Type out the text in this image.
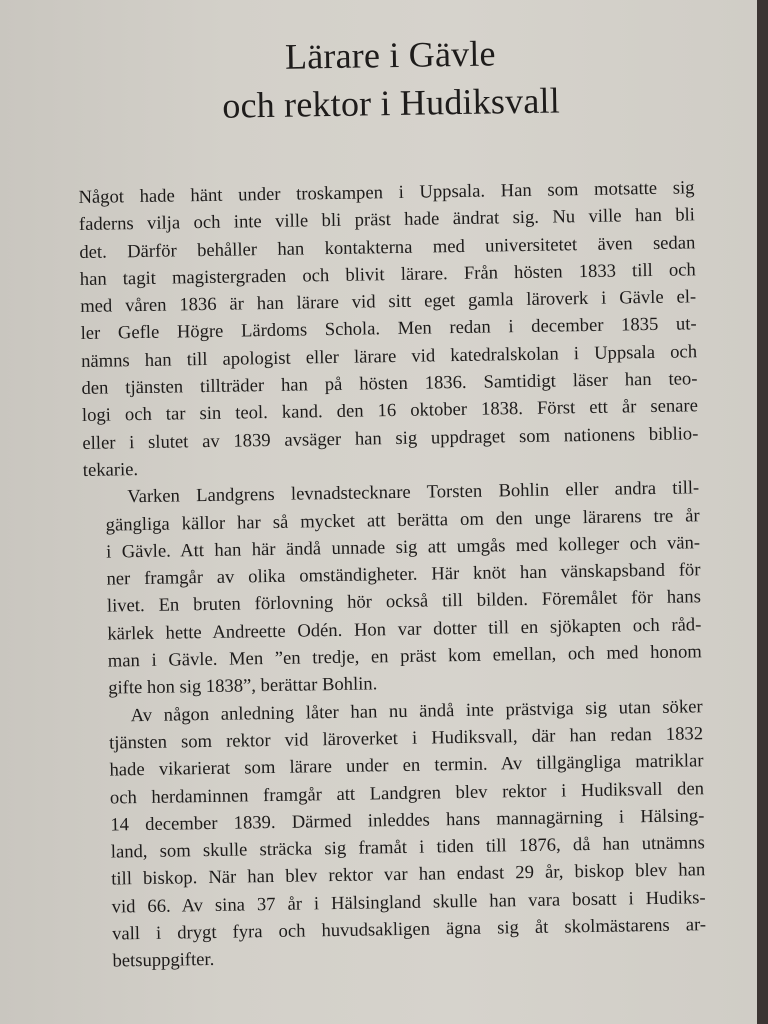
Lärare i Gävle
och rektor i Hudiksvall

Något hade hänt under troskampen i Uppsala. Han som motsatte sig
faderns vilja och inte ville bli präst hade ändrat sig. Nu ville han bli
det. Därför behåller han kontakterna med universitetet även sedan
han tagit magistergraden och blivit lärare. Från hösten 1833 till och
med våren 1836 är han lärare vid sitt eget gamla läroverk i Gävle el-
ler Gefle Högre Lärdoms Schola. Men redan i december 1835 ut-
nämns han till apologist eller lärare vid katedralskolan i Uppsala och
den tjänsten tillträder han på hösten 1836. Samtidigt läser han teo-
logi och tar sin teol. kand. den 16 oktober 1838. Först ett år senare
eller i slutet av 1839 avsäger han sig uppdraget som nationens biblio-
tekarie.

Varken Landgrens levnadstecknare Torsten Bohlin eller andra till-
gängliga källor har så mycket att berätta om den unge lärarens tre år
i Gävle. Att han här ändå unnade sig att umgås med kolleger och vän-
ner framgår av olika omständigheter. Här knöt han vänskapsband för
livet. En bruten förlovning hör också till bilden. Föremålet för hans
kärlek hette Andreette Odén. Hon var dotter till en sjökapten och råd-
man i Gävle. Men ”en tredje, en präst kom emellan, och med honom
gifte hon sig 1838”, berättar Bohlin.

Av någon anledning låter han nu ändå inte prästviga sig utan söker
tjänsten som rektor vid läroverket i Hudiksvall, där han redan 1832
hade vikarierat som lärare under en termin. Av tillgängliga matriklar
och herdaminnen framgår att Landgren blev rektor i Hudiksvall den
14 december 1839. Därmed inleddes hans mannagärning i Hälsing-
land, som skulle sträcka sig framåt i tiden till 1876, då han utnämns
till biskop. När han blev rektor var han endast 29 år, biskop blev han
vid 66. Av sina 37 år i Hälsingland skulle han vara bosatt i Hudiks-
vall i drygt fyra och huvudsakligen ägna sig åt skolmästarens ar-
betsuppgifter.
